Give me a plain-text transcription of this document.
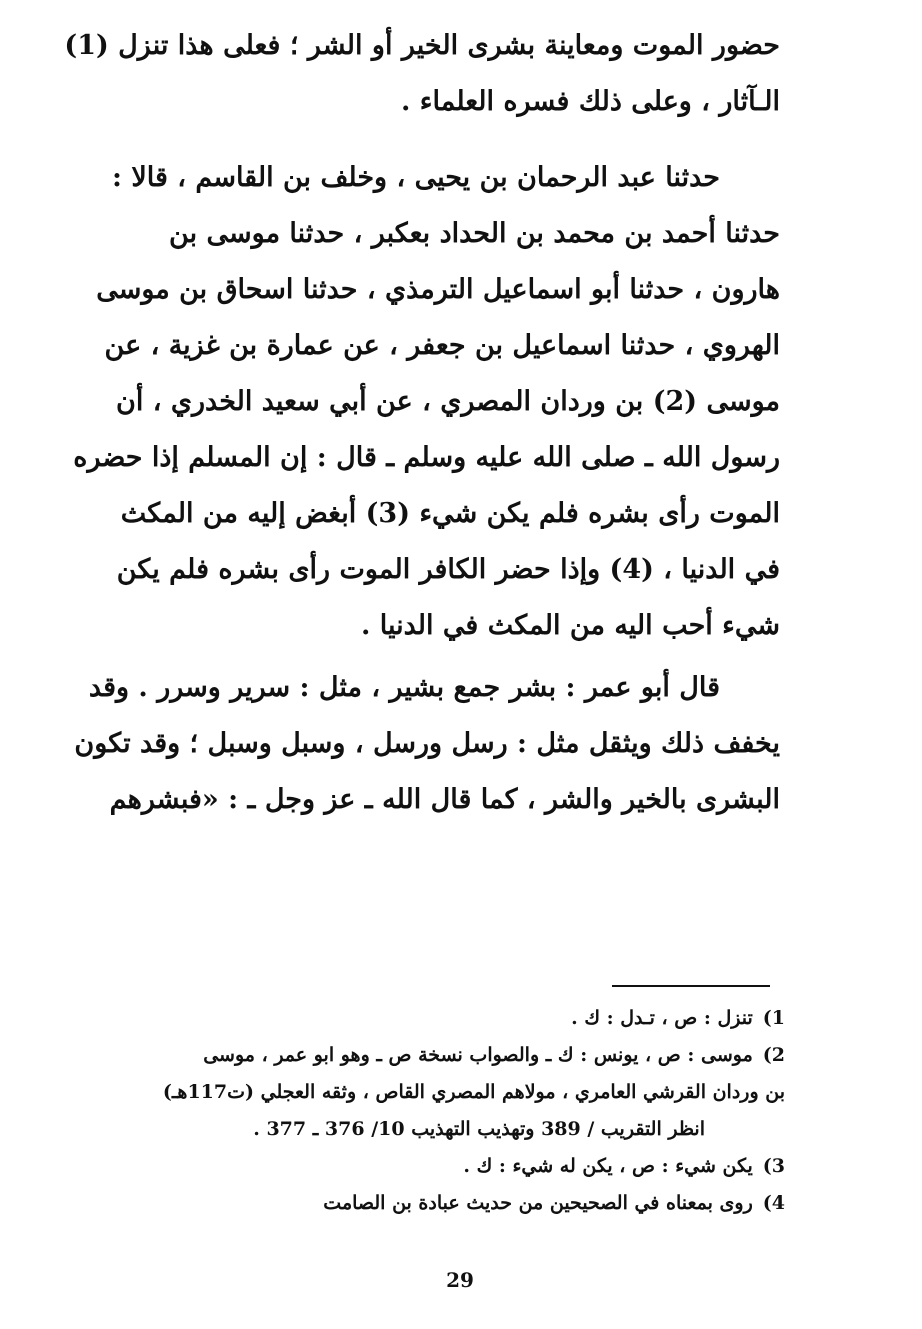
حضور الموت ومعاينة بشرى الخير أو الشر ؛ فعلى هذا تنزل (1)
الـآثار ، وعلى ذلك فسره العلماء .
حدثنا عبد الرحمان بن يحيى ، وخلف بن القاسم ، قالا :
حدثنا أحمد بن محمد بن الحداد بعكبر ، حدثنا موسى بن
هارون ، حدثنا أبو اسماعيل الترمذي ، حدثنا اسحاق بن موسى
الهروي ، حدثنا اسماعيل بن جعفر ، عن عمارة بن غزية ، عن
موسى (2) بن وردان المصري ، عن أبي سعيد الخدري ، أن
رسول الله ـ صلى الله عليه وسلم ـ قال : إن المسلم إذا حضره
الموت رأى بشره فلم يكن شيء (3) أبغض إليه من المكث
في الدنيا ، (4) وإذا حضر الكافر الموت رأى بشره فلم يكن
شيء أحب اليه من المكث في الدنيا .
قال أبو عمر : بشر جمع بشير ، مثل : سرير وسرر . وقد
يخفف ذلك ويثقل مثل : رسل ورسل ، وسبل وسبل ؛ وقد تكون
البشرى بالخير والشر ، كما قال الله ـ عز وجل ـ : «فبشرهم
1)تنزل : ص ، تـدل : ك .
2)موسى : ص ، يونس : ك ـ والصواب نسخة ص ـ وهو ابو عمر ، موسى
بن وردان القرشي العامري ، مولاهم المصري القاص ، وثقه العجلي (ت117هـ)
انظر التقريب / 389 وتهذيب التهذيب 10/ 376 ـ 377 .
3)يكن شيء : ص ، يكن له شيء : ك .
4)روى بمعناه في الصحيحين من حديث عبادة بن الصامت
29
